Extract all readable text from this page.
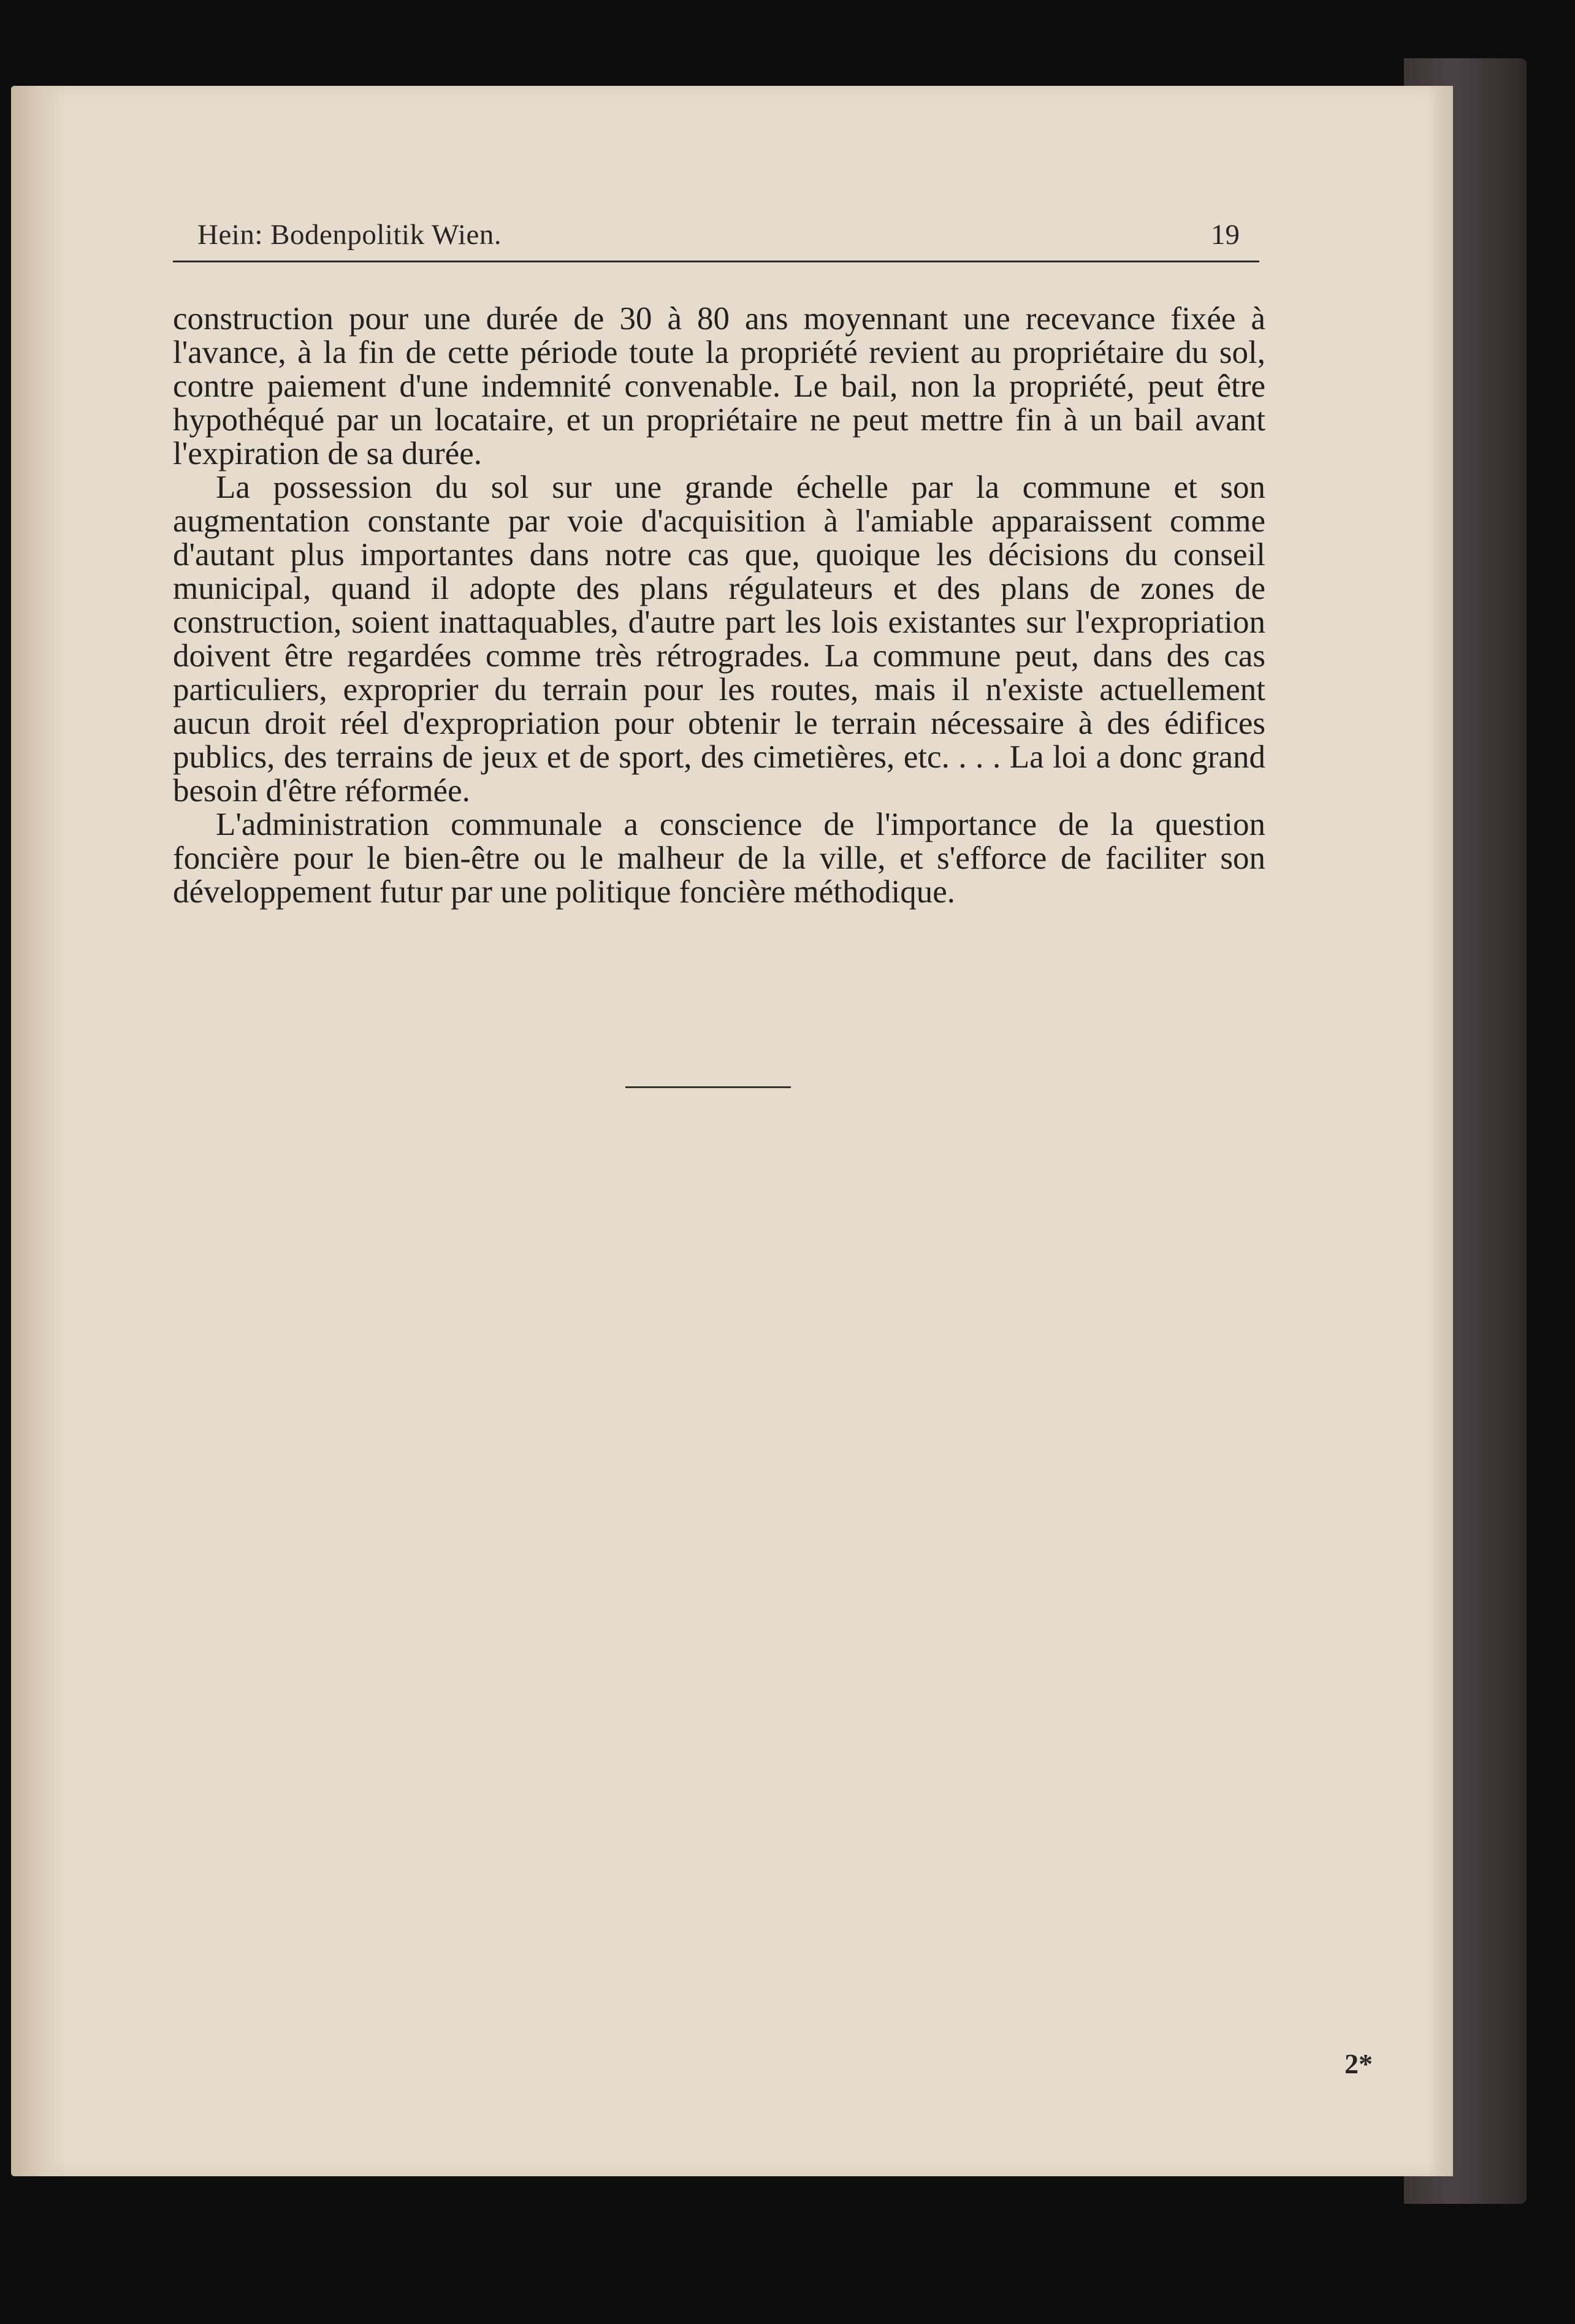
Hein: Bodenpolitik Wien.	19

construction pour une durée de 30 à 80 ans moyennant une recevance fixée à l'avance, à la fin de cette période toute la propriété revient au propriétaire du sol, contre paiement d'une indemnité convenable. Le bail, non la propriété, peut être hypothéqué par un locataire, et un propriétaire ne peut mettre fin à un bail avant l'expiration de sa durée.

La possession du sol sur une grande échelle par la commune et son augmentation constante par voie d'acquisition à l'amiable apparaissent comme d'autant plus importantes dans notre cas que, quoique les décisions du conseil municipal, quand il adopte des plans régulateurs et des plans de zones de construction, soient inattaquables, d'autre part les lois existantes sur l'expropriation doivent être regardées comme très rétrogrades. La commune peut, dans des cas particuliers, exproprier du terrain pour les routes, mais il n'existe actuellement aucun droit réel d'expropriation pour obtenir le terrain nécessaire à des édifices publics, des terrains de jeux et de sport, des cimetières, etc. . . . La loi a donc grand besoin d'être réformée.

L'administration communale a conscience de l'importance de la question foncière pour le bien-être ou le malheur de la ville, et s'efforce de faciliter son développement futur par une politique foncière méthodique.

2*
